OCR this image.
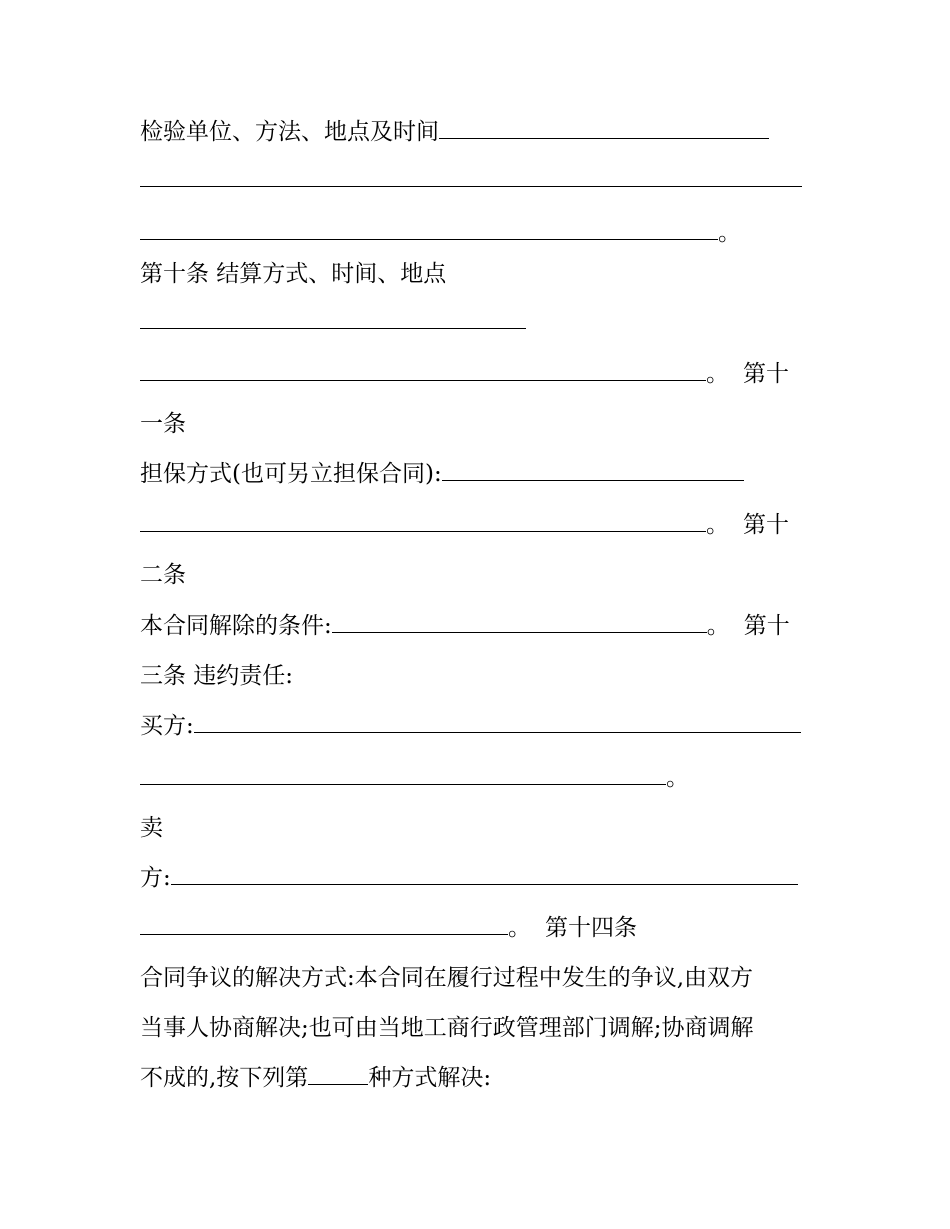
检验单位、方法、地点及时间
。
第十条 结算方式、时间、地点
。 第十
一条
担保方式(也可另立担保合同):
。 第十
二条
本合同解除的条件:	。 第十
三条 违约责任:
买方:
。
卖
方:
。 第十四条
合同争议的解决方式:本合同在履行过程中发生的争议,由双方
当事人协商解决;也可由当地工商行政管理部门调解;协商调解
不成的,按下列第	种方式解决:
